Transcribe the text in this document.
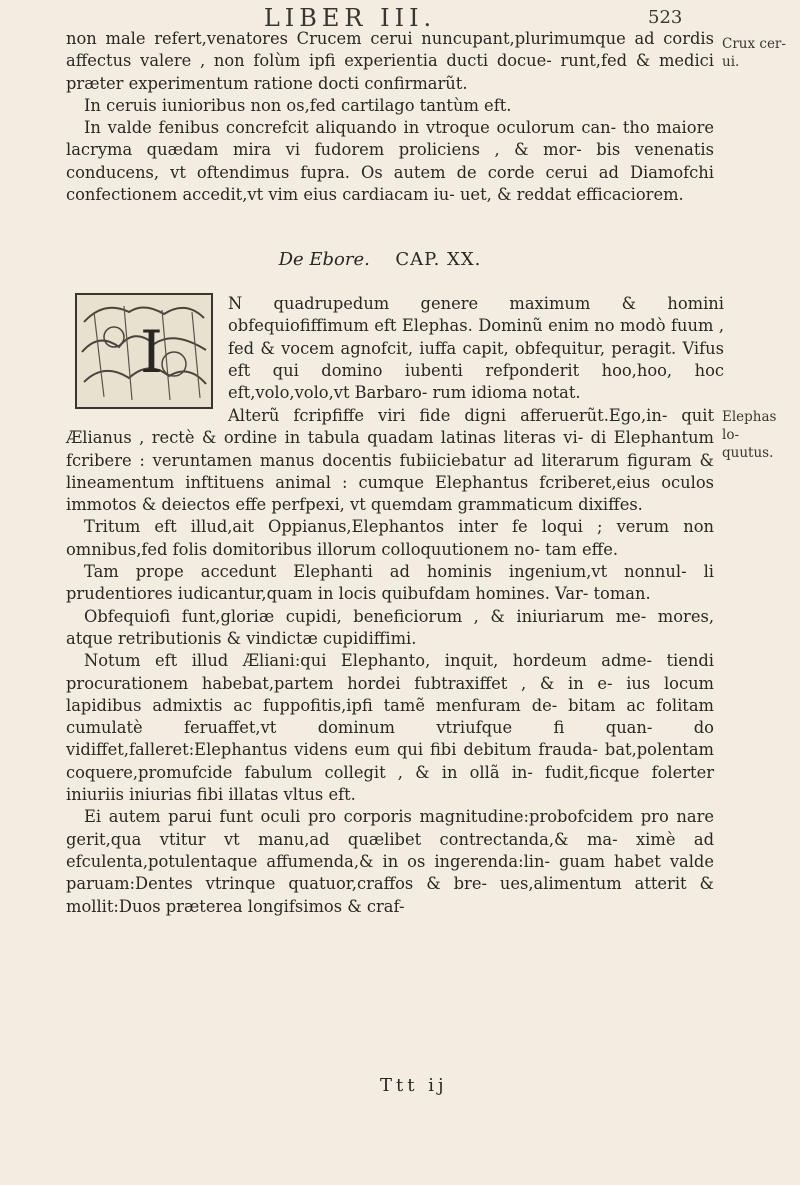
LIBER III.	523
Crux cer- ui.

non male refert,venatores Crucem cerui nuncupant,plurimumque ad cordis affectus valere , non folùm ipfi experientia ducti docue- runt,fed & medici præter experimentum ratione docti confirmarũt.

In ceruis iunioribus non os,fed cartilago tantùm eft.

In valde fenibus concrefcit aliquando in vtroque oculorum can- tho maiore lacryma quædam mira vi fudorem proliciens , & mor- bis venenatis conducens, vt oftendimus fupra. Os autem de corde cerui ad Diamofchi confectionem accedit,vt vim eius cardiacam iu- uet, & reddat efficaciorem.

De Ebore. CAP. XX.
I

N quadrupedum genere maximum & homini obfequiofiffimum eft Elephas. Dominũ enim no modò fuum , fed & vocem agnofcit, iuffa capit, obfequitur, peragit. Vifus eft qui domino iubenti refponderit hoo,hoo, hoc eft,volo,volo,vt Barbaro- rum idioma notat.

Elephas lo- quutus.

Alterũ fcripfiffe viri fide digni afferuerũt.Ego,in- quit Ælianus , rectè & ordine in tabula quadam latinas literas vi- di Elephantum fcribere : veruntamen manus docentis fubiiciebatur ad literarum figuram & lineamentum inftituens animal : cumque Elephantus fcriberet,eius oculos immotos & deiectos effe perfpexi, vt quemdam grammaticum dixiffes.

Tritum eft illud,ait Oppianus,Elephantos inter fe loqui ; verum non omnibus,fed folis domitoribus illorum colloquutionem no- tam effe.

Tam prope accedunt Elephanti ad hominis ingenium,vt nonnul- li prudentiores iudicantur,quam in locis quibufdam homines. Var- toman.

Obfequiofi funt,gloriæ cupidi, beneficiorum , & iniuriarum me- mores, atque retributionis & vindictæ cupidiffimi.

Notum eft illud Æliani:qui Elephanto, inquit, hordeum adme- tiendi procurationem habebat,partem hordei fubtraxiffet , & in e- ius locum lapidibus admixtis ac fuppofitis,ipfi tamẽ menfuram de- bitam ac folitam cumulatè feruaffet,vt dominum vtriufque fi quan- do vidiffet,falleret:Elephantus videns eum qui fibi debitum frauda- bat,polentam coquere,promufcide fabulum collegit , & in ollã in- fudit,ficque folerter iniuriis iniurias fibi illatas vltus eft.

Ei autem parui funt oculi pro corporis magnitudine:probofcidem pro nare gerit,qua vtitur vt manu,ad quælibet contrectanda,& ma- ximè ad efculenta,potulentaque affumenda,& in os ingerenda:lin- guam habet valde paruam:Dentes vtrinque quatuor,craffos & bre- ues,alimentum atterit & mollit:Duos præterea longifsimos & craf-

Ttt ij
